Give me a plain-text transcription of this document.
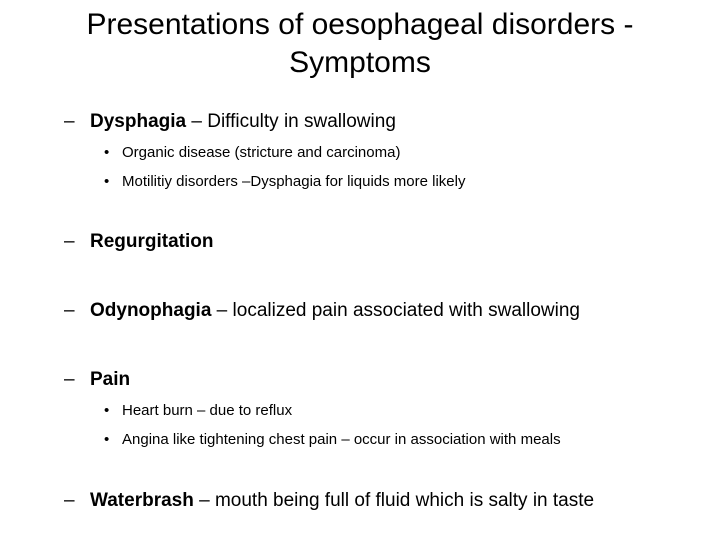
Presentations of oesophageal disorders -
Symptoms
– Dysphagia – Difficulty in swallowing
• Organic disease (stricture and carcinoma)
• Motilitiy disorders –Dysphagia for liquids more likely
– Regurgitation
– Odynophagia – localized pain associated with swallowing
– Pain
• Heart burn – due to reflux
• Angina like tightening chest pain – occur in association with meals
– Waterbrash – mouth being full of fluid which is salty in taste
